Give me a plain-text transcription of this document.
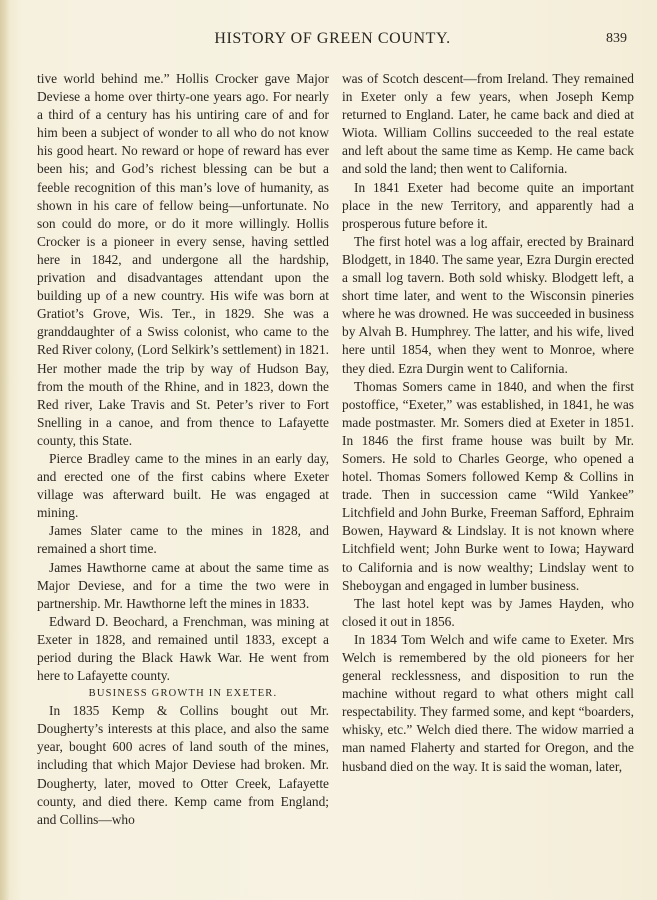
HISTORY OF GREEN COUNTY.	839

tive world behind me.” Hollis Crocker gave Major Deviese a home over thirty-one years ago. For nearly a third of a century has his untiring care of and for him been a subject of wonder to all who do not know his good heart. No reward or hope of reward has ever been his; and God’s richest blessing can be but a feeble recognition of this man’s love of humanity, as shown in his care of fellow being—unfortunate. No son could do more, or do it more willingly. Hollis Crocker is a pioneer in every sense, having settled here in 1842, and undergone all the hardship, privation and disadvantages attendant upon the building up of a new country. His wife was born at Gratiot’s Grove, Wis. Ter., in 1829. She was a granddaughter of a Swiss colonist, who came to the Red River colony, (Lord Selkirk’s settlement) in 1821. Her mother made the trip by way of Hudson Bay, from the mouth of the Rhine, and in 1823, down the Red river, Lake Travis and St. Peter’s river to Fort Snelling in a canoe, and from thence to Lafayette county, this State.

Pierce Bradley came to the mines in an early day, and erected one of the first cabins where Exeter village was afterward built. He was engaged at mining.

James Slater came to the mines in 1828, and remained a short time.

James Hawthorne came at about the same time as Major Deviese, and for a time the two were in partnership. Mr. Hawthorne left the mines in 1833.

Edward D. Beochard, a Frenchman, was mining at Exeter in 1828, and remained until 1833, except a period during the Black Hawk War. He went from here to Lafayette county.

BUSINESS GROWTH IN EXETER.

In 1835 Kemp & Collins bought out Mr. Dougherty’s interests at this place, and also the same year, bought 600 acres of land south of the mines, including that which Major Deviese had broken. Mr. Dougherty, later, moved to Otter Creek, Lafayette county, and died there. Kemp came from England; and Collins—who

was of Scotch descent—from Ireland. They remained in Exeter only a few years, when Joseph Kemp returned to England. Later, he came back and died at Wiota. William Collins succeeded to the real estate and left about the same time as Kemp. He came back and sold the land; then went to California.

In 1841 Exeter had become quite an important place in the new Territory, and apparently had a prosperous future before it.

The first hotel was a log affair, erected by Brainard Blodgett, in 1840. The same year, Ezra Durgin erected a small log tavern. Both sold whisky. Blodgett left, a short time later, and went to the Wisconsin pineries where he was drowned. He was succeeded in business by Alvah B. Humphrey. The latter, and his wife, lived here until 1854, when they went to Monroe, where they died. Ezra Durgin went to California.

Thomas Somers came in 1840, and when the first postoffice, “Exeter,” was established, in 1841, he was made postmaster. Mr. Somers died at Exeter in 1851. In 1846 the first frame house was built by Mr. Somers. He sold to Charles George, who opened a hotel. Thomas Somers followed Kemp & Collins in trade. Then in succession came “Wild Yankee” Litchfield and John Burke, Freeman Safford, Ephraim Bowen, Hayward & Lindslay. It is not known where Litchfield went; John Burke went to Iowa; Hayward to California and is now wealthy; Lindslay went to Sheboygan and engaged in lumber business.

The last hotel kept was by James Hayden, who closed it out in 1856.

In 1834 Tom Welch and wife came to Exeter. Mrs Welch is remembered by the old pioneers for her general recklessness, and disposition to run the machine without regard to what others might call respectability. They farmed some, and kept “boarders, whisky, etc.” Welch died there. The widow married a man named Flaherty and started for Oregon, and the husband died on the way. It is said the woman, later,
